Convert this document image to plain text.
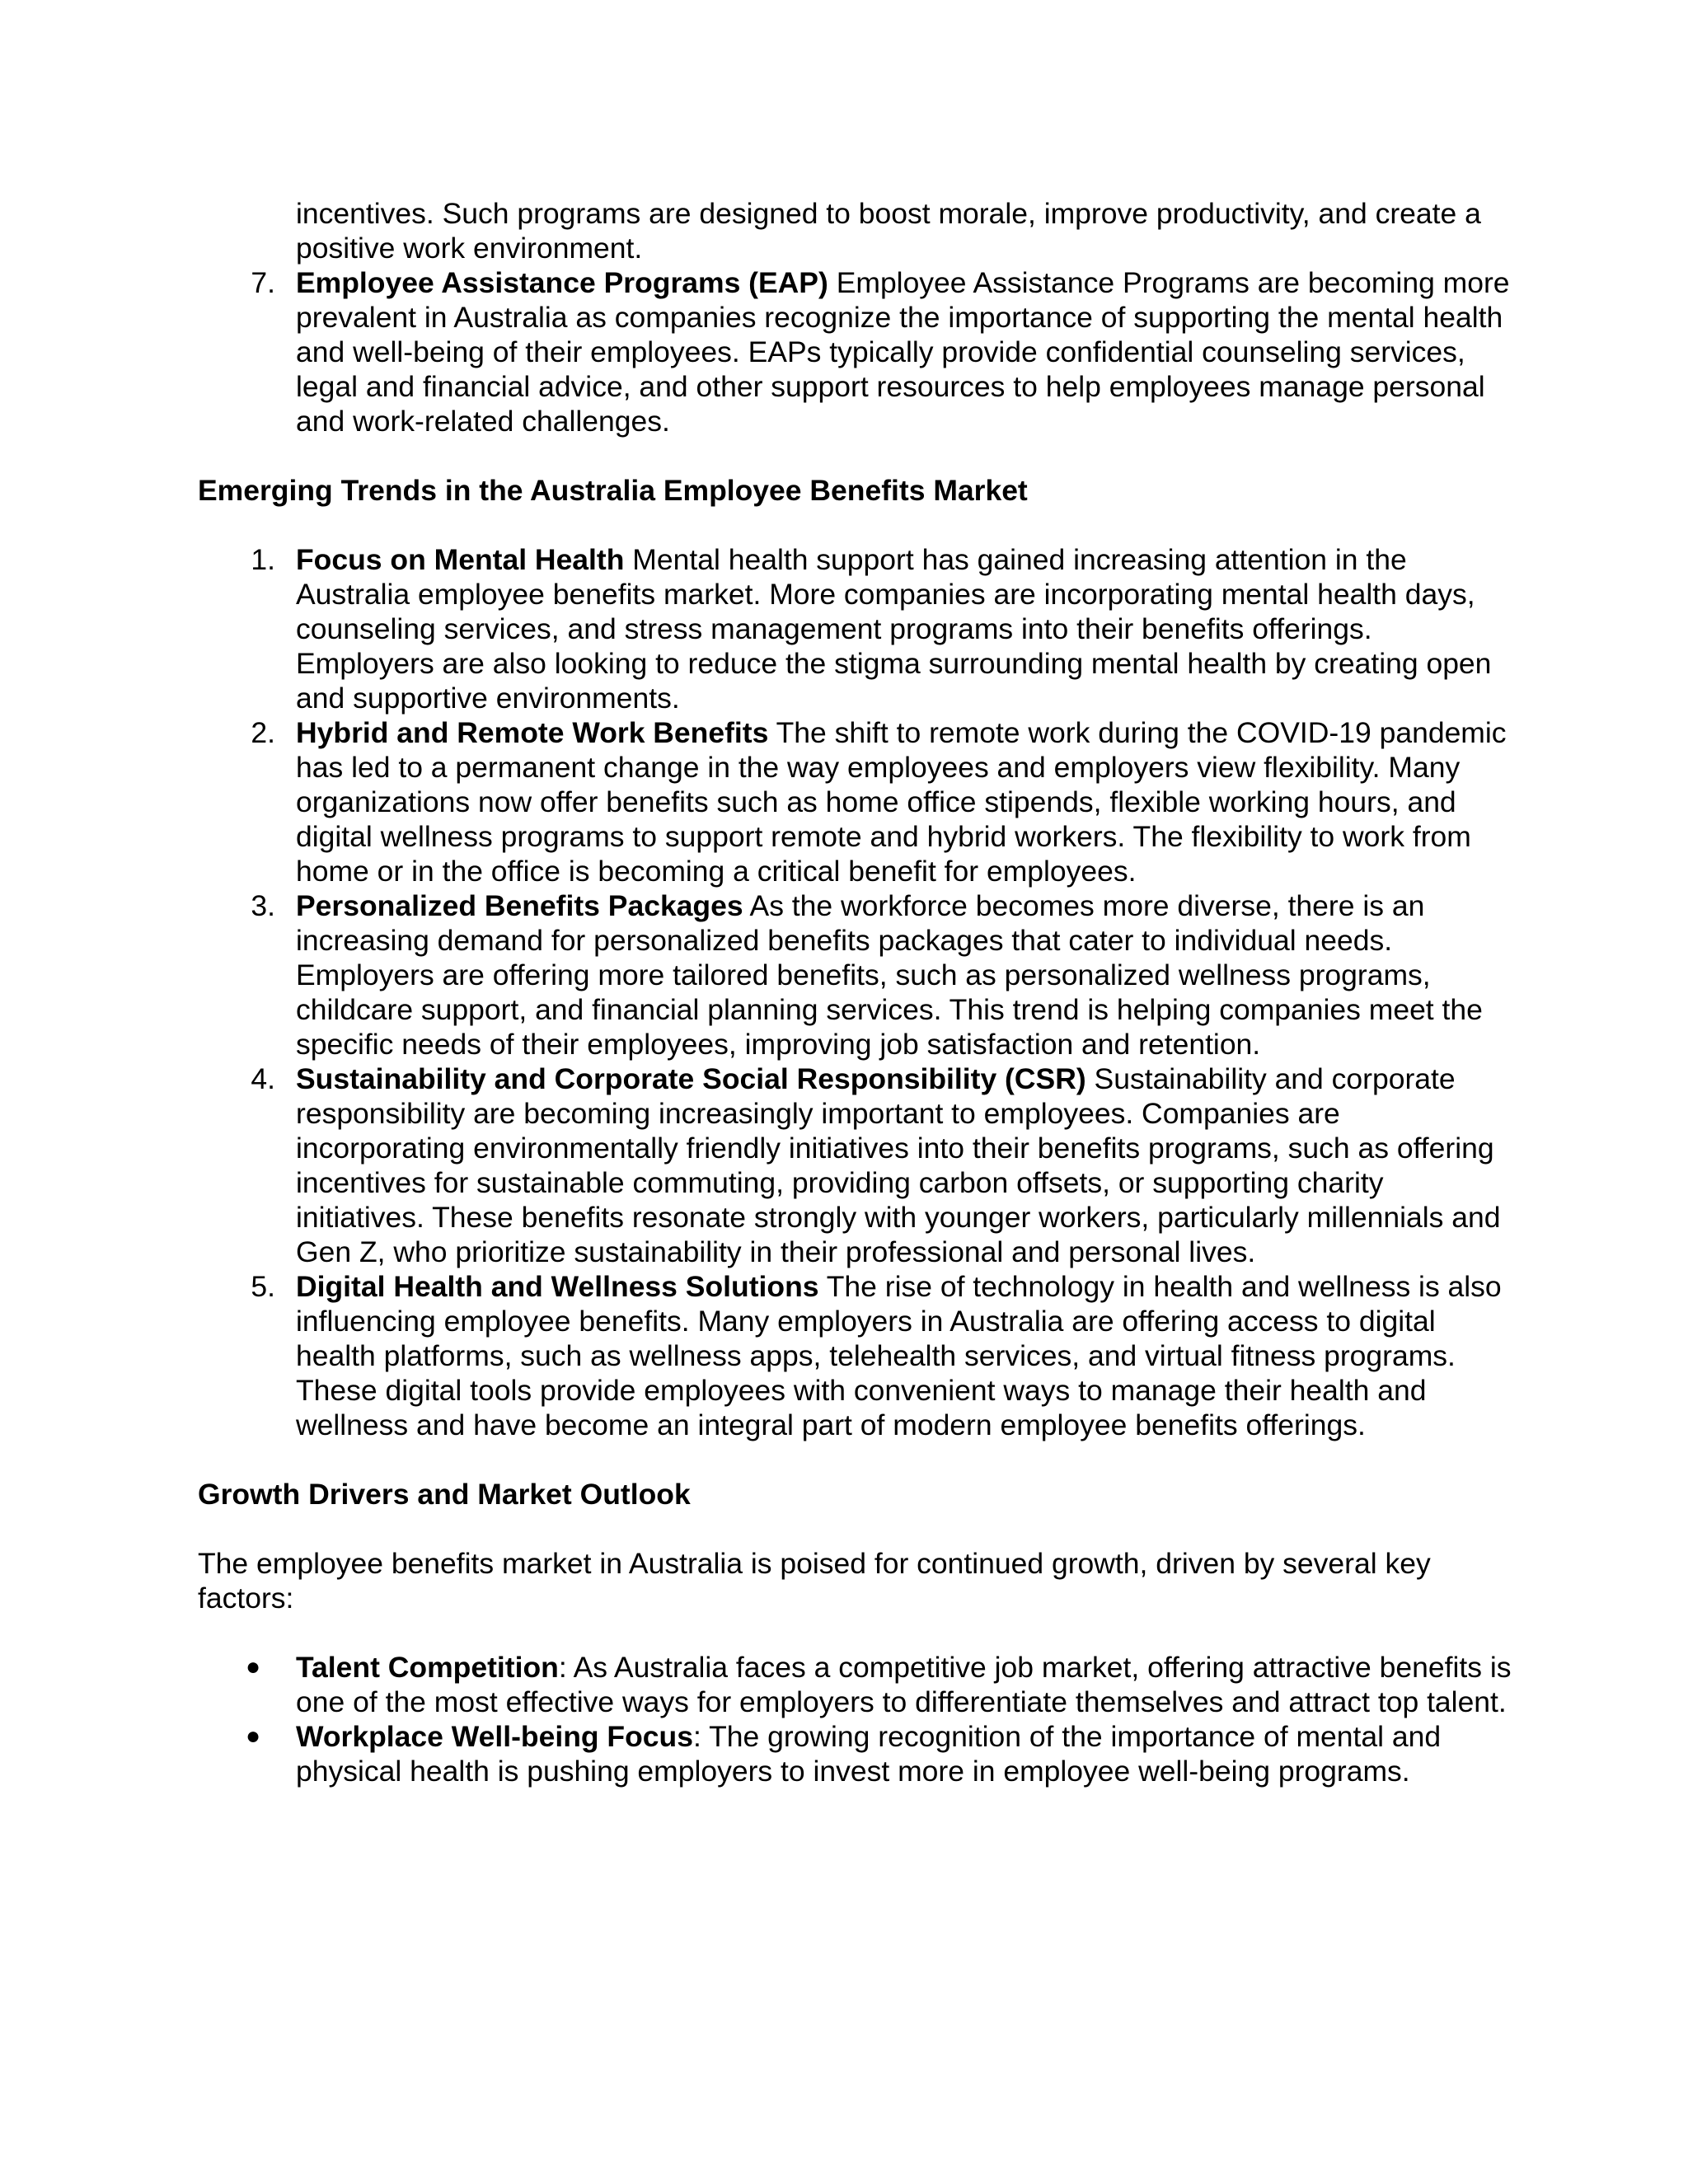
incentives. Such programs are designed to boost morale, improve productivity, and create a positive work environment.
7. Employee Assistance Programs (EAP) Employee Assistance Programs are becoming more prevalent in Australia as companies recognize the importance of supporting the mental health and well-being of their employees. EAPs typically provide confidential counseling services, legal and financial advice, and other support resources to help employees manage personal and work-related challenges.

Emerging Trends in the Australia Employee Benefits Market

1. Focus on Mental Health Mental health support has gained increasing attention in the Australia employee benefits market. More companies are incorporating mental health days, counseling services, and stress management programs into their benefits offerings. Employers are also looking to reduce the stigma surrounding mental health by creating open and supportive environments.
2. Hybrid and Remote Work Benefits The shift to remote work during the COVID-19 pandemic has led to a permanent change in the way employees and employers view flexibility. Many organizations now offer benefits such as home office stipends, flexible working hours, and digital wellness programs to support remote and hybrid workers. The flexibility to work from home or in the office is becoming a critical benefit for employees.
3. Personalized Benefits Packages As the workforce becomes more diverse, there is an increasing demand for personalized benefits packages that cater to individual needs. Employers are offering more tailored benefits, such as personalized wellness programs, childcare support, and financial planning services. This trend is helping companies meet the specific needs of their employees, improving job satisfaction and retention.
4. Sustainability and Corporate Social Responsibility (CSR) Sustainability and corporate responsibility are becoming increasingly important to employees. Companies are incorporating environmentally friendly initiatives into their benefits programs, such as offering incentives for sustainable commuting, providing carbon offsets, or supporting charity initiatives. These benefits resonate strongly with younger workers, particularly millennials and Gen Z, who prioritize sustainability in their professional and personal lives.
5. Digital Health and Wellness Solutions The rise of technology in health and wellness is also influencing employee benefits. Many employers in Australia are offering access to digital health platforms, such as wellness apps, telehealth services, and virtual fitness programs. These digital tools provide employees with convenient ways to manage their health and wellness and have become an integral part of modern employee benefits offerings.

Growth Drivers and Market Outlook

The employee benefits market in Australia is poised for continued growth, driven by several key factors:

●	Talent Competition: As Australia faces a competitive job market, offering attractive benefits is one of the most effective ways for employers to differentiate themselves and attract top talent.
●	Workplace Well-being Focus: The growing recognition of the importance of mental and physical health is pushing employers to invest more in employee well-being programs.
